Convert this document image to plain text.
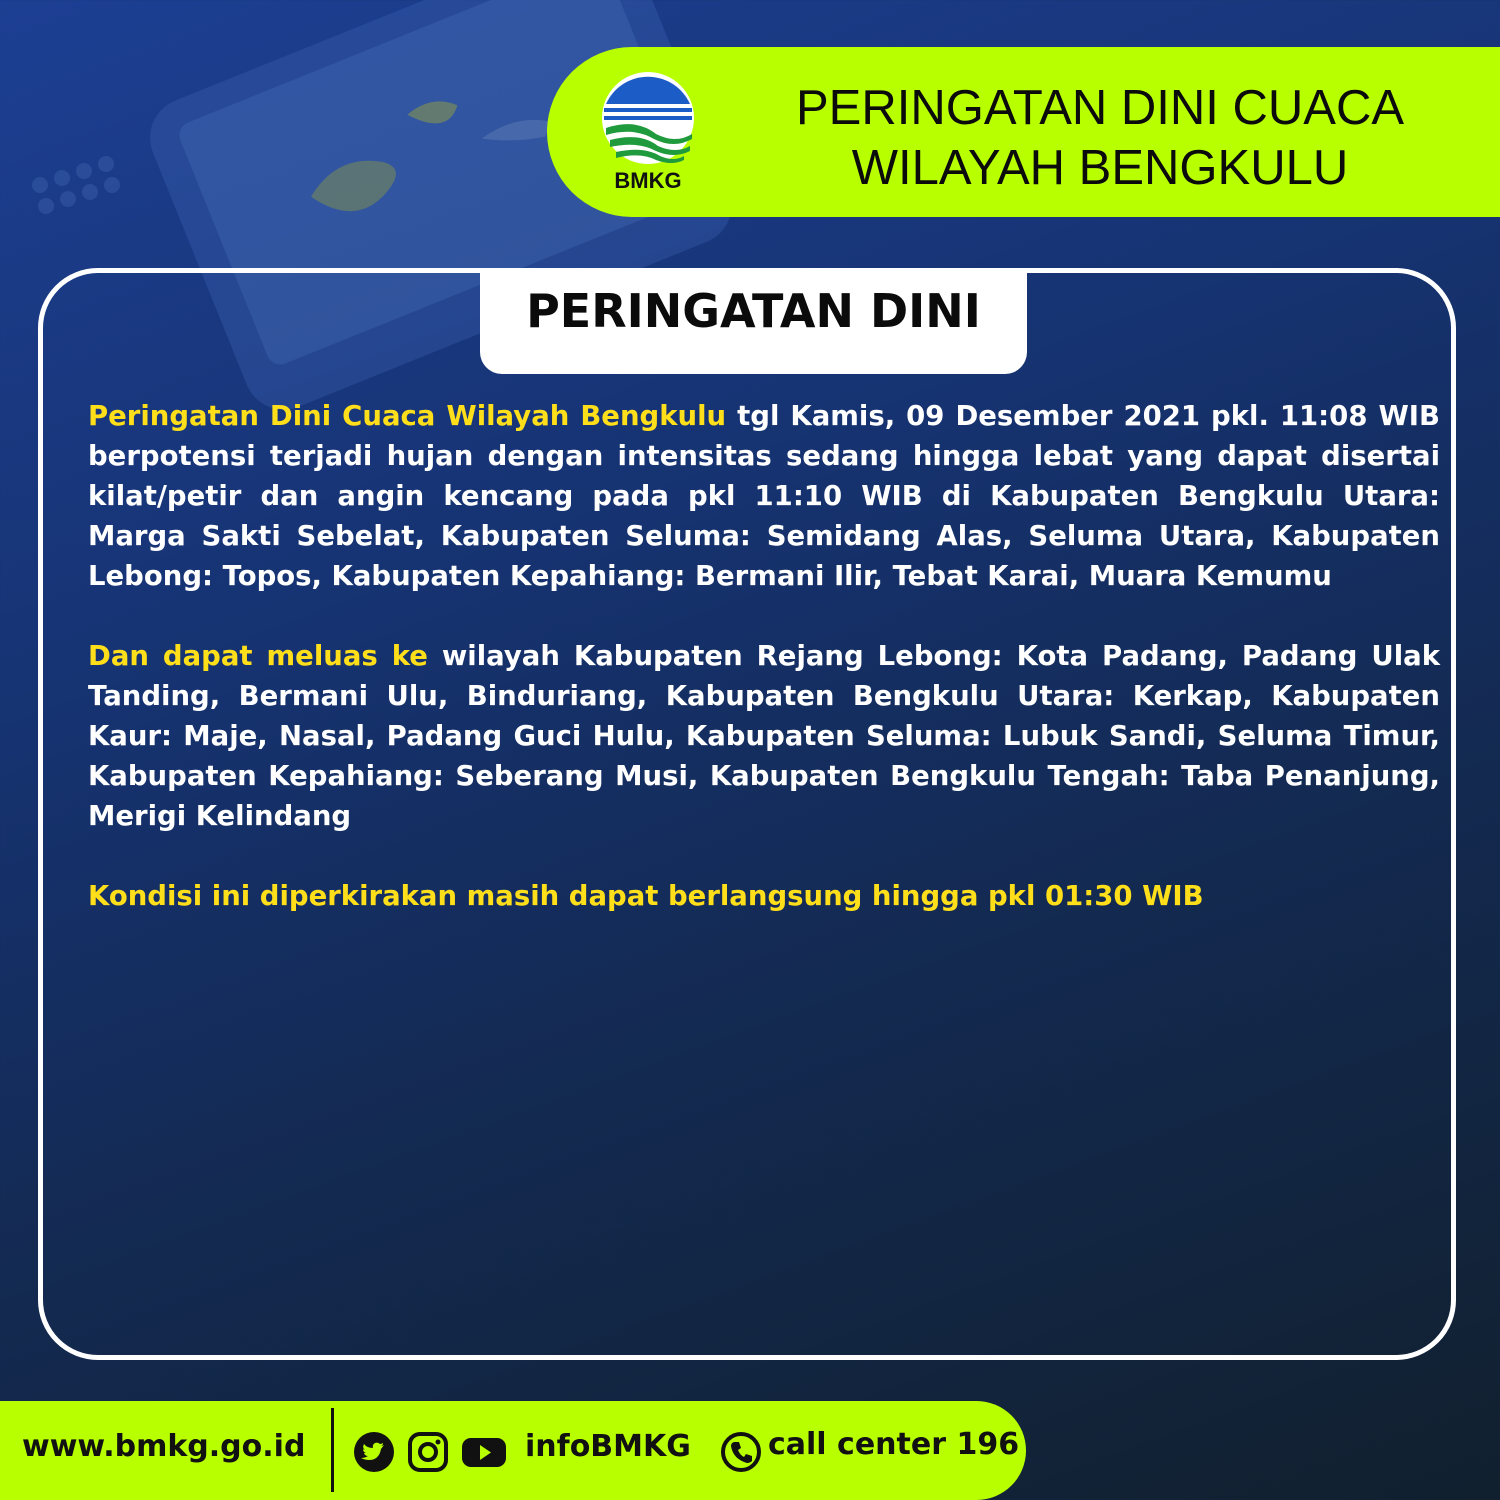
BMKG
PERINGATAN DINI CUACA
WILAYAH BENGKULU
PERINGATAN DINI

Peringatan Dini Cuaca Wilayah Bengkulu tgl Kamis, 09 Desember 2021 pkl. 11:08 WIB berpotensi terjadi hujan dengan intensitas sedang hingga lebat yang dapat disertai kilat/petir dan angin kencang pada pkl 11:10 WIB di Kabupaten Bengkulu Utara: Marga Sakti Sebelat, Kabupaten Seluma: Semidang Alas, Seluma Utara, Kabupaten Lebong: Topos, Kabupaten Kepahiang: Bermani Ilir, Tebat Karai, Muara Kemumu

Dan dapat meluas ke wilayah Kabupaten Rejang Lebong: Kota Padang, Padang Ulak Tanding, Bermani Ulu, Binduriang, Kabupaten Bengkulu Utara: Kerkap, Kabupaten Kaur: Maje, Nasal, Padang Guci Hulu, Kabupaten Seluma: Lubuk Sandi, Seluma Timur, Kabupaten Kepahiang: Seberang Musi, Kabupaten Bengkulu Tengah: Taba Penanjung, Merigi Kelindang

Kondisi ini diperkirakan masih dapat berlangsung hingga pkl 01:30 WIB

www.bmkg.go.id	infoBMKG	call center 196
